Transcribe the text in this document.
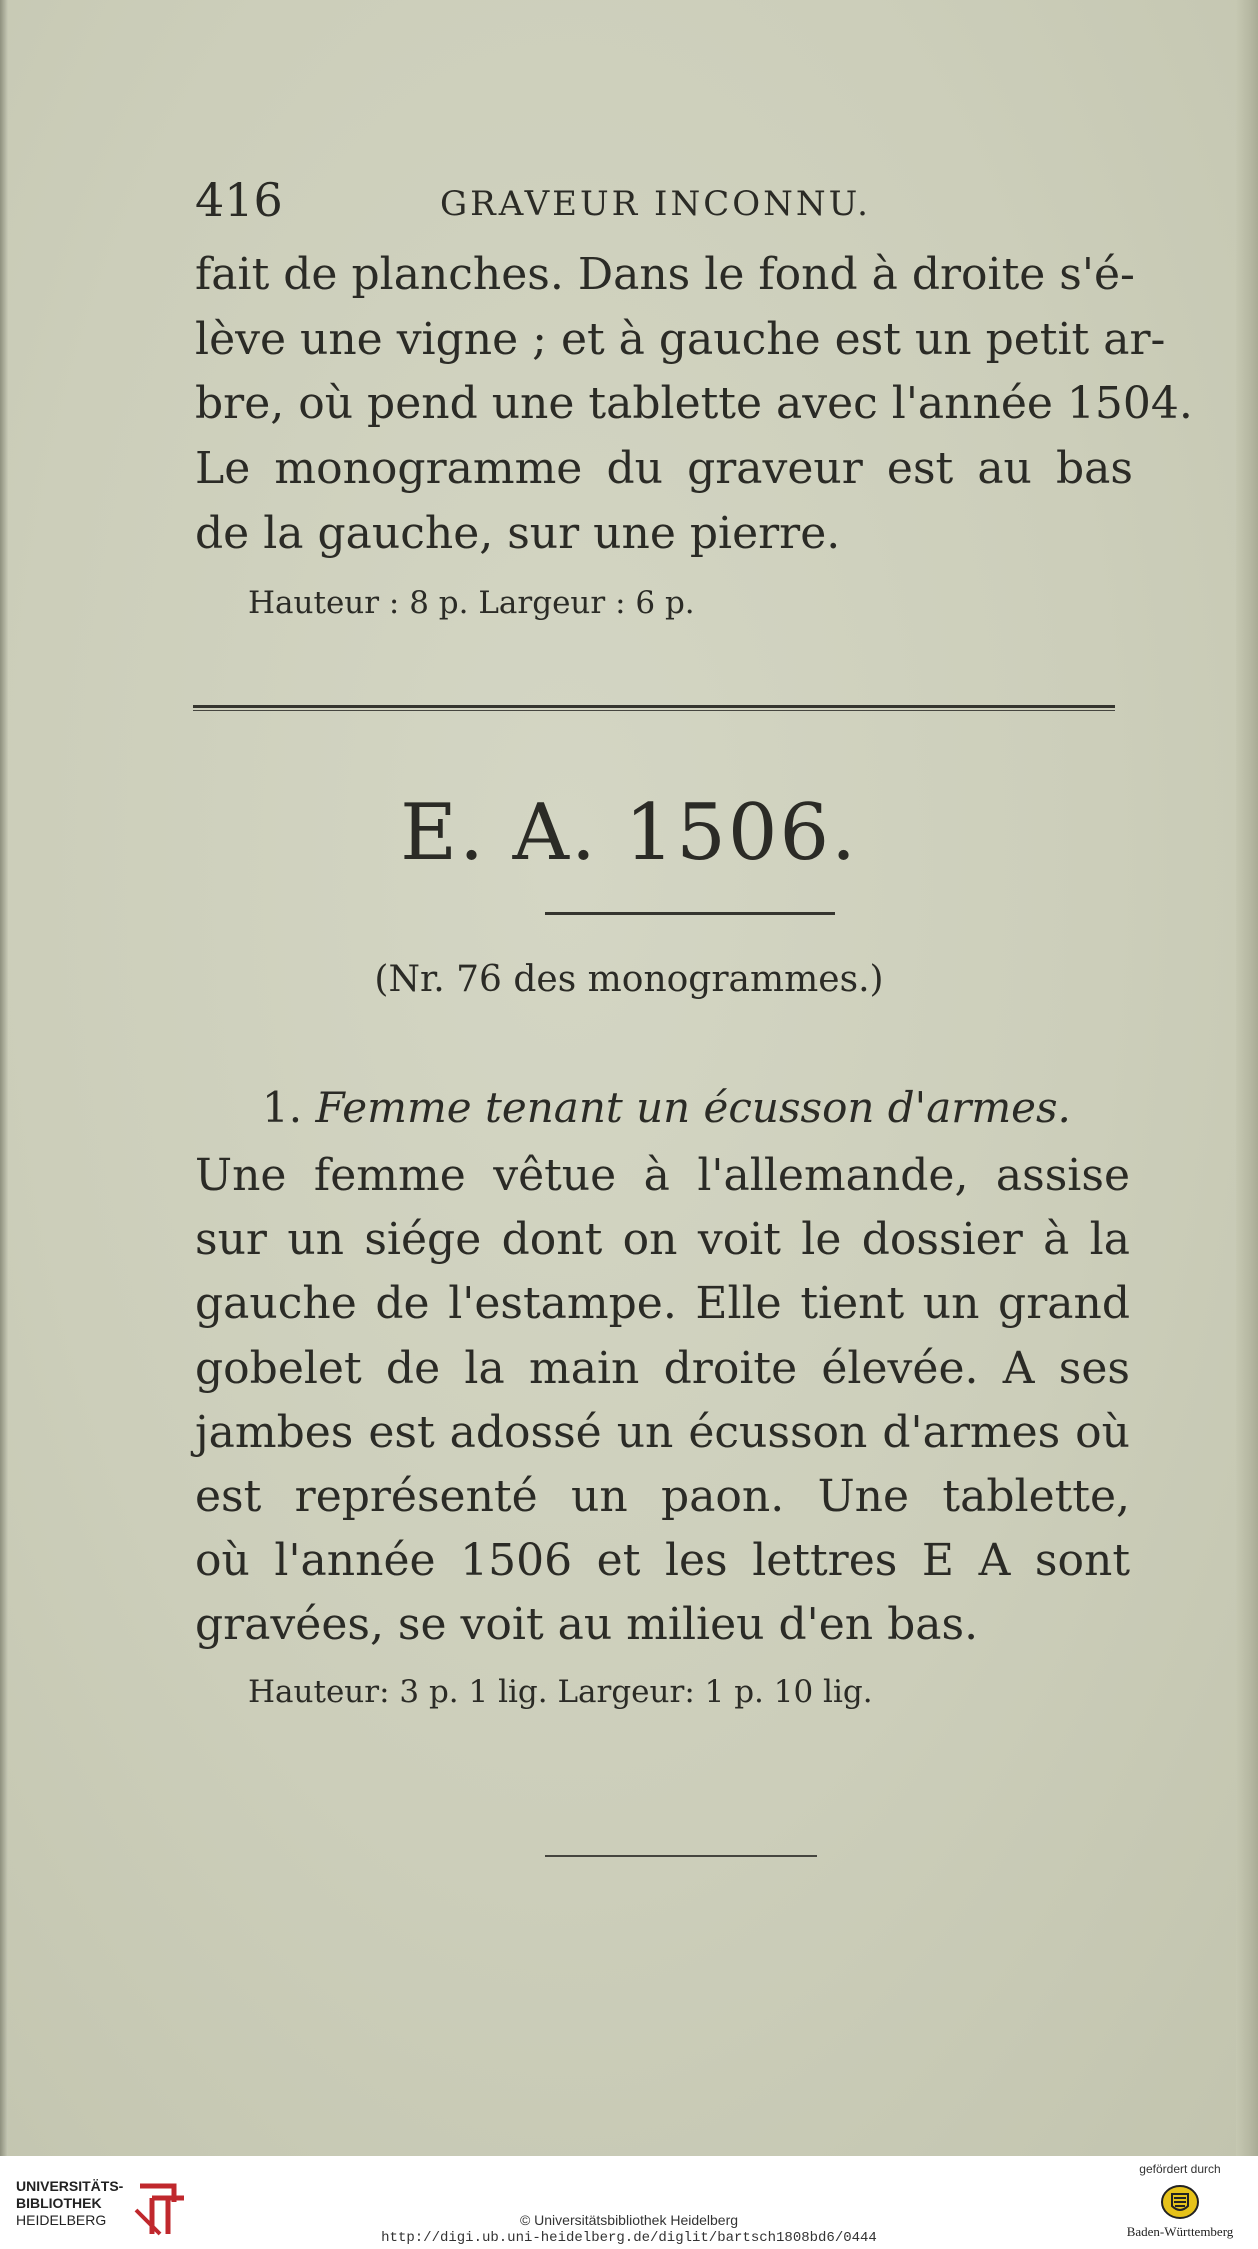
416	GRAVEUR INCONNU.
fait de planches. Dans le fond à droite s'é-
lève une vigne ; et à gauche est un petit ar-
bre, où pend une tablette avec l'année 1504.
Le monogramme du graveur est au bas
de la gauche, sur une pierre.
Hauteur : 8 p. Largeur : 6 p.
E. A. 1506.
(Nr. 76 des monogrammes.)
1. Femme tenant un écusson d'armes.
Une femme vêtue à l'allemande, assise
sur un siége dont on voit le dossier à la
gauche de l'estampe. Elle tient un grand
gobelet de la main droite élevée. A ses
jambes est adossé un écusson d'armes où
est représenté un paon. Une tablette,
où l'année 1506 et les lettres E A sont
gravées, se voit au milieu d'en bas.
Hauteur: 3 p. 1 lig. Largeur: 1 p. 10 lig.
UNIVERSITÄTS-
BIBLIOTHEK
HEIDELBERG	© Universitätsbibliothek Heidelberg
http://digi.ub.uni-heidelberg.de/diglit/bartsch1808bd6/0444
gefördert durch
Baden-Württemberg
